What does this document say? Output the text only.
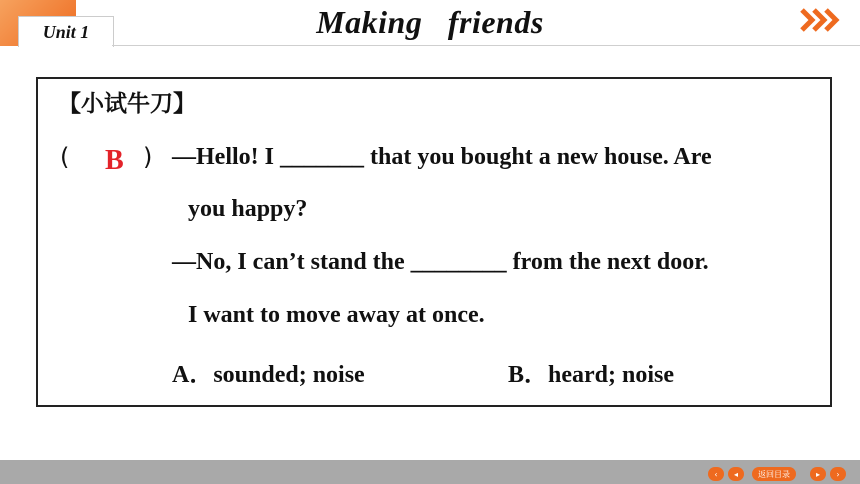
Unit 1	Making   friends
【小试牛刀】
( B ) —Hello! I _______ that you bought a new house. Are
you happy?
—No, I can’t stand the ________ from the next door.
I want to move away at once.
A．sounded; noise	B．heard; noise
‹	◂	返回目录	▸	›
